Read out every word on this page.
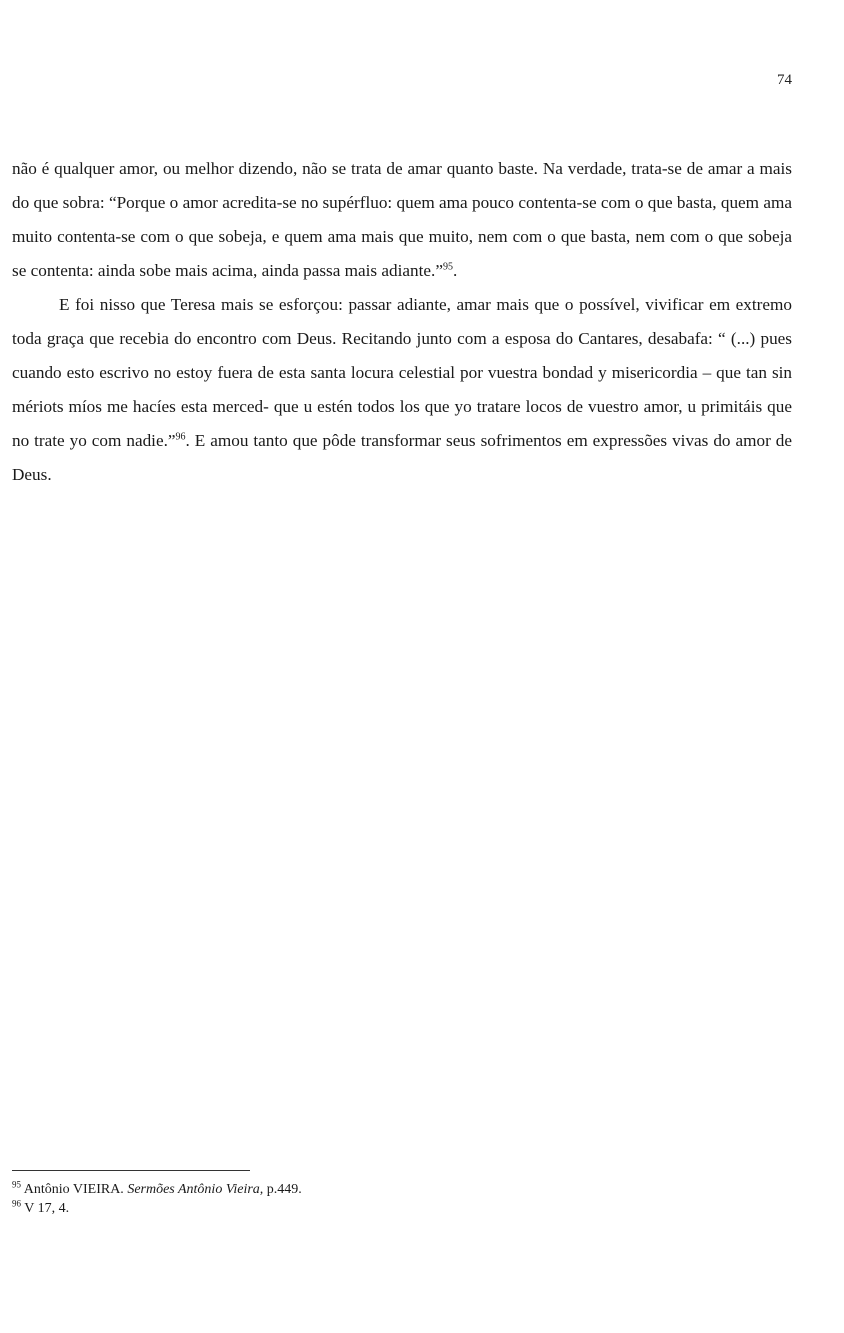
74

não é qualquer amor, ou melhor dizendo, não se trata de amar quanto baste. Na verdade, trata-se de amar a mais do que sobra: “Porque o amor acredita-se no supérfluo: quem ama pouco contenta-se com o que basta, quem ama muito contenta-se com o que sobeja, e quem ama mais que muito, nem com o que basta, nem com o que sobeja se contenta: ainda sobe mais acima, ainda passa mais adiante.”$^{95}$.

E foi nisso que Teresa mais se esforçou: passar adiante, amar mais que o possível, vivificar em extremo toda graça que recebia do encontro com Deus. Recitando junto com a esposa do Cantares, desabafa: “ (...) pues cuando esto escrivo no estoy fuera de esta santa locura celestial por vuestra bondad y misericordia – que tan sin mériots míos me hacíes esta merced- que u estén todos los que yo tratare locos de vuestro amor, u primitáis que no trate yo com nadie.”$^{96}$. E amou tanto que pôde transformar seus sofrimentos em expressões vivas do amor de Deus.

$^{95}$ Antônio VIEIRA. Sermões Antônio Vieira, p.449.

$^{96}$ V 17, 4.
